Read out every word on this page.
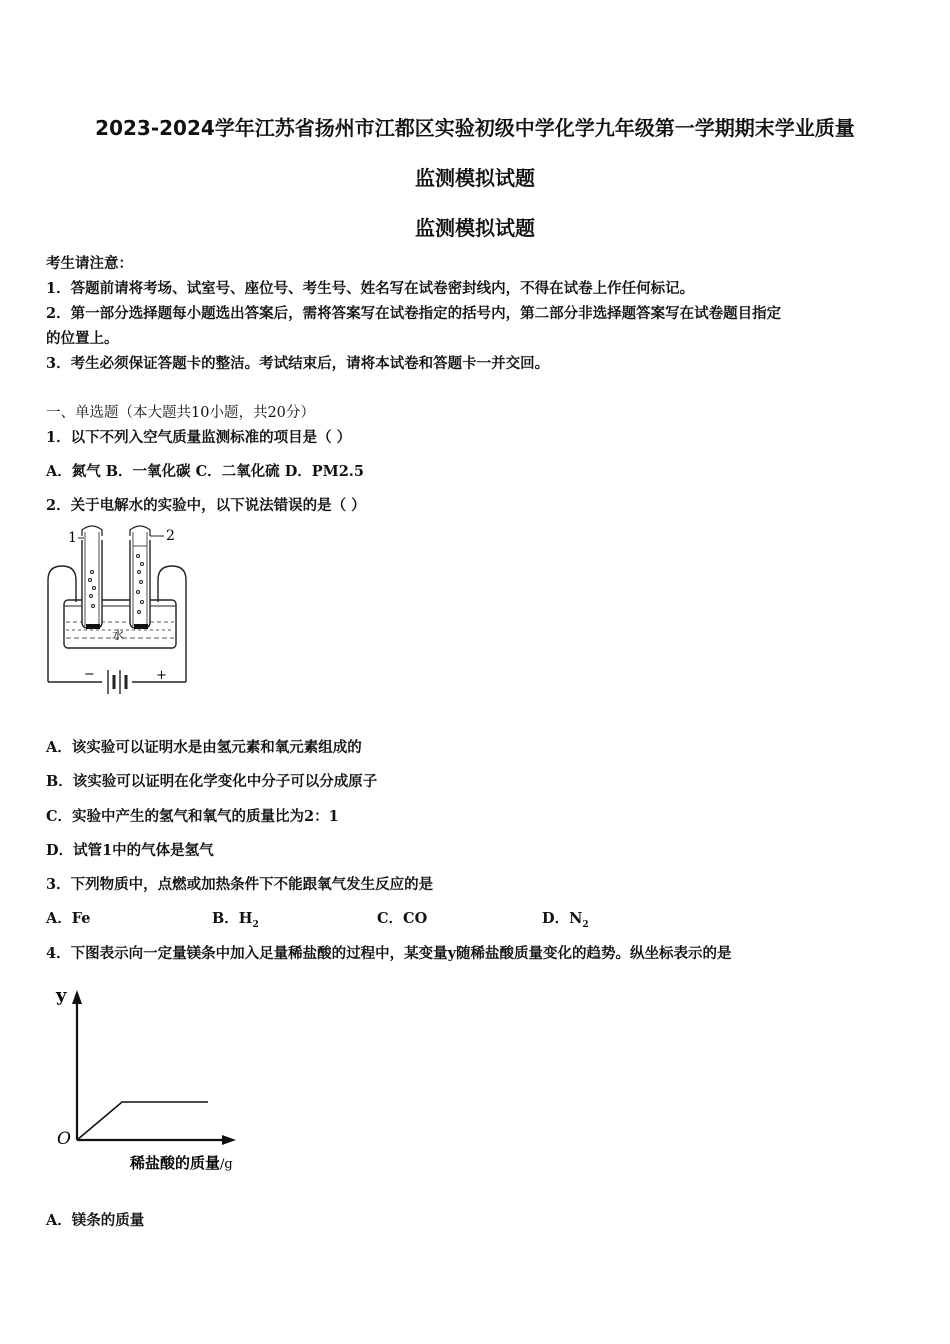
2023-2024学年江苏省扬州市江都区实验初级中学化学九年级第一学期期末学业质量
监测模拟试题
监测模拟试题
考生请注意：
1．答题前请将考场、试室号、座位号、考生号、姓名写在试卷密封线内，不得在试卷上作任何标记。
2．第一部分选择题每小题选出答案后，需将答案写在试卷指定的括号内，第二部分非选择题答案写在试卷题目指定
的位置上。
3．考生必须保证答题卡的整洁。考试结束后，请将本试卷和答题卡一并交回。
一、单选题（本大题共10小题，共20分）
1．以下不列入空气质量监测标准的项目是（ ）
A．氮气 B．一氧化碳 C．二氧化硫 D．PM2.5
2．关于电解水的实验中，以下说法错误的是（ ）
−	+
水
1	2
A．该实验可以证明水是由氢元素和氧元素组成的
B．该实验可以证明在化学变化中分子可以分成原子
C．实验中产生的氢气和氧气的质量比为2：1
D．试管1中的气体是氢气
3．下列物质中，点燃或加热条件下不能跟氧气发生反应的是
A．Fe	B．$H_2$	C．CO	D．$N_2$
4．下图表示向一定量镁条中加入足量稀盐酸的过程中，某变量y随稀盐酸质量变化的趋势。纵坐标表示的是
y
O
稀盐酸的质量/g
A．镁条的质量
